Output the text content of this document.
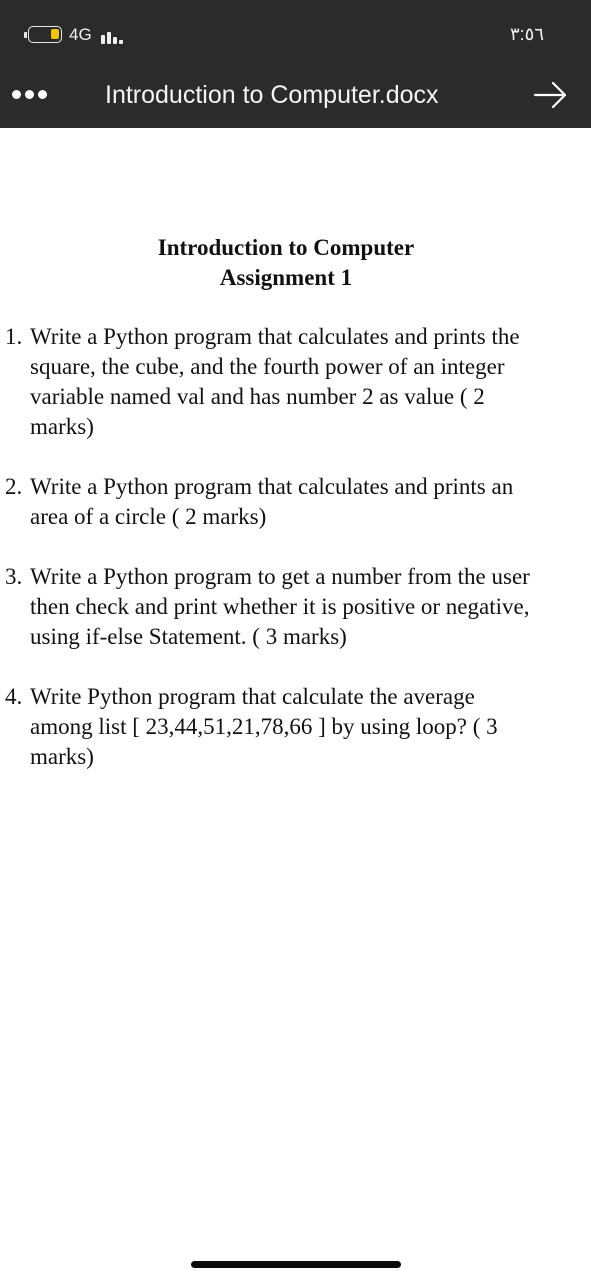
4G	٣:٥٦
Introduction to Computer.docx
Introduction to Computer
Assignment 1
1. Write a Python program that calculates and prints the
square, the cube, and the fourth power of an integer
variable named val and has number 2 as value ( 2
marks)
2. Write a Python program that calculates and prints an
area of a circle ( 2 marks)
3. Write a Python program to get a number from the user
then check and print whether it is positive or negative,
using if-else Statement. ( 3 marks)
4. Write Python program that calculate the average
among list [ 23,44,51,21,78,66 ] by using loop? ( 3
marks)
